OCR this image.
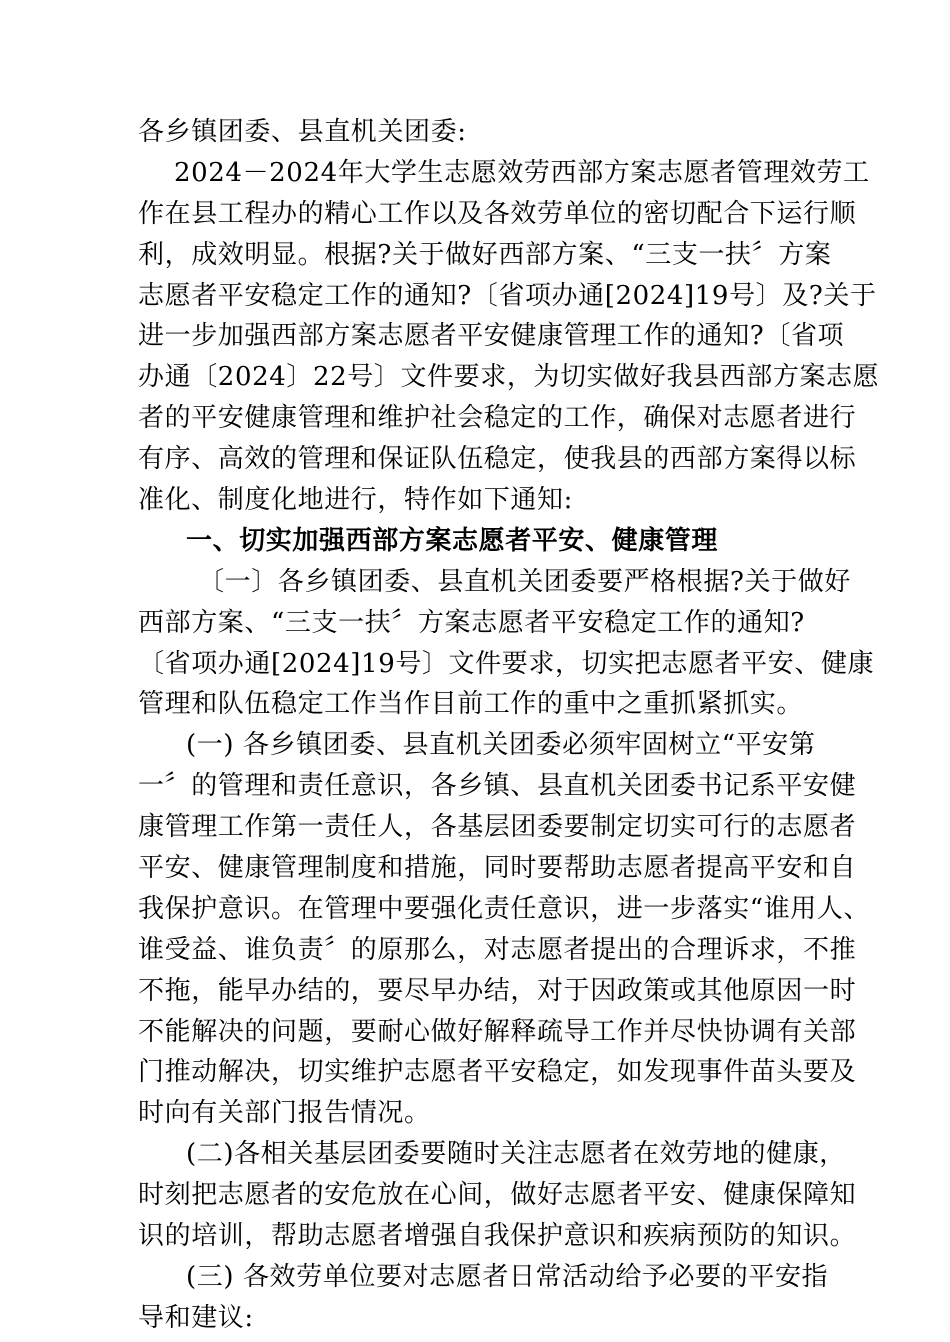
各乡镇团委、县直机关团委:
2024－2024年大学生志愿效劳西部方案志愿者管理效劳工
作在县工程办的精心工作以及各效劳单位的密切配合下运行顺
利，成效明显。根据?关于做好西部方案、“三支一扶〞方案
志愿者平安稳定工作的通知?〔省项办通[2024]19号〕及?关于
进一步加强西部方案志愿者平安健康管理工作的通知?〔省项
办通〔2024〕22号〕文件要求，为切实做好我县西部方案志愿
者的平安健康管理和维护社会稳定的工作，确保对志愿者进行
有序、高效的管理和保证队伍稳定，使我县的西部方案得以标
准化、制度化地进行，特作如下通知:
一、切实加强西部方案志愿者平安、健康管理
〔一〕各乡镇团委、县直机关团委要严格根据?关于做好
西部方案、“三支一扶〞方案志愿者平安稳定工作的通知?
〔省项办通[2024]19号〕文件要求，切实把志愿者平安、健康
管理和队伍稳定工作当作目前工作的重中之重抓紧抓实。
(一) 各乡镇团委、县直机关团委必须牢固树立“平安第
一〞的管理和责任意识，各乡镇、县直机关团委书记系平安健
康管理工作第一责任人，各基层团委要制定切实可行的志愿者
平安、健康管理制度和措施，同时要帮助志愿者提高平安和自
我保护意识。在管理中要强化责任意识，进一步落实“谁用人、
谁受益、谁负责〞的原那么，对志愿者提出的合理诉求，不推
不拖，能早办结的，要尽早办结，对于因政策或其他原因一时
不能解决的问题，要耐心做好解释疏导工作并尽快协调有关部
门推动解决，切实维护志愿者平安稳定，如发现事件苗头要及
时向有关部门报告情况。
(二)各相关基层团委要随时关注志愿者在效劳地的健康，
时刻把志愿者的安危放在心间，做好志愿者平安、健康保障知
识的培训，帮助志愿者增强自我保护意识和疾病预防的知识。
(三) 各效劳单位要对志愿者日常活动给予必要的平安指
导和建议:
